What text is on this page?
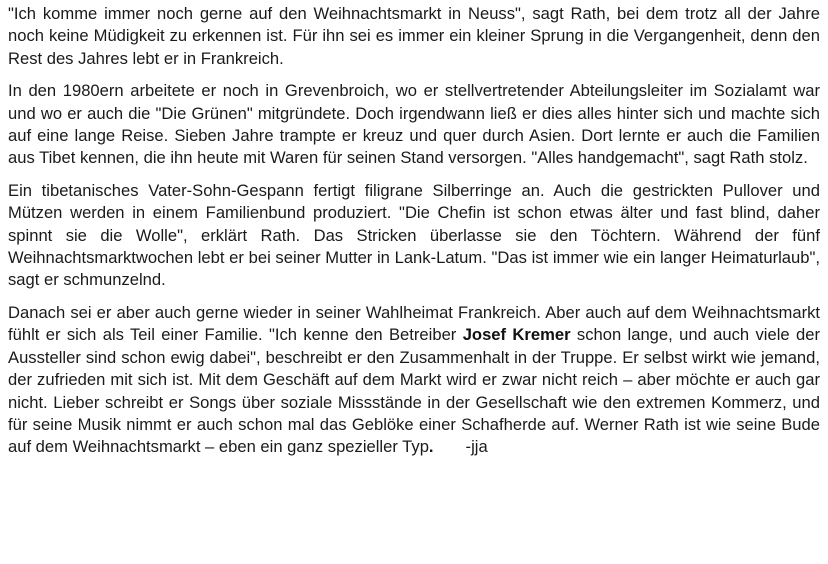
"Ich komme immer noch gerne auf den Weihnachtsmarkt in Neuss", sagt Rath, bei dem trotz all der Jahre noch keine Müdigkeit zu erkennen ist. Für ihn sei es immer ein kleiner Sprung in die Vergangenheit, denn den Rest des Jahres lebt er in Frankreich.

In den 1980ern arbeitete er noch in Grevenbroich, wo er stellvertretender Abteilungsleiter im Sozialamt war und wo er auch die "Die Grünen" mitgründete. Doch irgendwann ließ er dies alles hinter sich und machte sich auf eine lange Reise. Sieben Jahre trampte er kreuz und quer durch Asien. Dort lernte er auch die Familien aus Tibet kennen, die ihn heute mit Waren für seinen Stand versorgen. "Alles handgemacht", sagt Rath stolz.

Ein tibetanisches Vater-Sohn-Gespann fertigt filigrane Silberringe an. Auch die gestrickten Pullover und Mützen werden in einem Familienbund produziert. "Die Chefin ist schon etwas älter und fast blind, daher spinnt sie die Wolle", erklärt Rath. Das Stricken überlasse sie den Töchtern. Während der fünf Weihnachtsmarktwochen lebt er bei seiner Mutter in Lank-Latum. "Das ist immer wie ein langer Heimaturlaub", sagt er schmunzelnd.

Danach sei er aber auch gerne wieder in seiner Wahlheimat Frankreich. Aber auch auf dem Weihnachtsmarkt fühlt er sich als Teil einer Familie. "Ich kenne den Betreiber Josef Kremer schon lange, und auch viele der Aussteller sind schon ewig dabei", beschreibt er den Zusammenhalt in der Truppe. Er selbst wirkt wie jemand, der zufrieden mit sich ist. Mit dem Geschäft auf dem Markt wird er zwar nicht reich – aber möchte er auch gar nicht. Lieber schreibt er Songs über soziale Missstände in der Gesellschaft wie den extremen Kommerz, und für seine Musik nimmt er auch schon mal das Geblöke einer Schafherde auf. Werner Rath ist wie seine Bude auf dem Weihnachtsmarkt – eben ein ganz spezieller Typ. -jja
